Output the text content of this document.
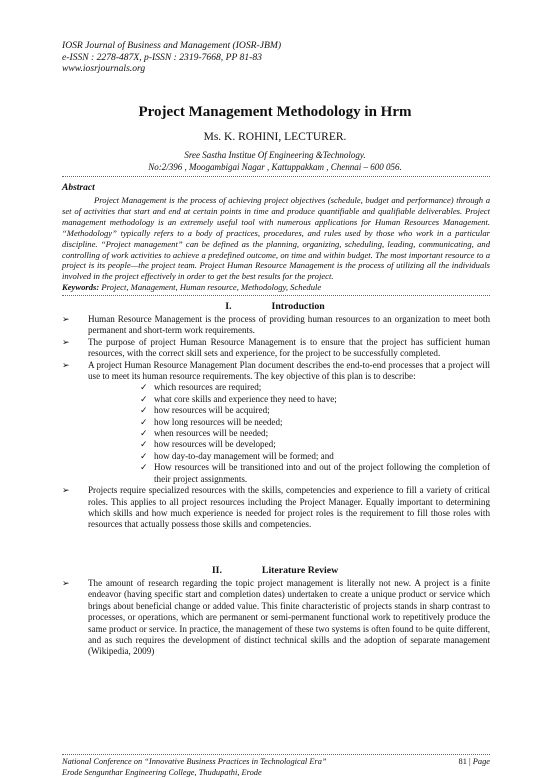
IOSR Journal of Business and Management (IOSR-JBM)
e-ISSN : 2278-487X, p-ISSN : 2319-7668, PP 81-83
www.iosrjournals.org
Project Management Methodology in Hrm
Ms. K. ROHINI, LECTURER.
Sree Sastha Institue Of Engineering &Technology.
No:2/396 , Moogambigai Nagar , Kattuppakkam , Chennai – 600 056.
Abstract
Project Management is the process of achieving project objectives (schedule, budget and performance) through a set of activities that start and end at certain points in time and produce quantifiable and qualifiable deliverables. Project management methodology is an extremely useful tool with numerous applications for Human Resources Management. “Methodology” typically refers to a body of practices, procedures, and rules used by those who work in a particular discipline. “Project management” can be defined as the planning, organizing, scheduling, leading, communicating, and controlling of work activities to achieve a predefined outcome, on time and within budget. The most important resource to a project is its people—the project team. Project Human Resource Management is the process of utilizing all the individuals involved in the project effectively in order to get the best results for the project.
Keywords: Project, Management, Human resource, Methodology, Schedule
I.	Introduction
➢ Human Resource Management is the process of providing human resources to an organization to meet both permanent and short-term work requirements.
➢ The purpose of project Human Resource Management is to ensure that the project has sufficient human resources, with the correct skill sets and experience, for the project to be successfully completed.
➢ A project Human Resource Management Plan document describes the end-to-end processes that a project will use to meet its human resource requirements. The key objective of this plan is to describe:
✓ which resources are required;
✓ what core skills and experience they need to have;
✓ how resources will be acquired;
✓ how long resources will be needed;
✓ when resources will be needed;
✓ how resources will be developed;
✓ how day-to-day management will be formed; and
✓ How resources will be transitioned into and out of the project following the completion of their project assignments.
➢ Projects require specialized resources with the skills, competencies and experience to fill a variety of critical roles. This applies to all project resources including the Project Manager. Equally important to determining which skills and how much experience is needed for project roles is the requirement to fill those roles with resources that actually possess those skills and competencies.
II.	Literature Review
➢ The amount of research regarding the topic project management is literally not new. A project is a finite endeavor (having specific start and completion dates) undertaken to create a unique product or service which brings about beneficial change or added value. This finite characteristic of projects stands in sharp contrast to processes, or operations, which are permanent or semi-permanent functional work to repetitively produce the same product or service. In practice, the management of these two systems is often found to be quite different, and as such requires the development of distinct technical skills and the adoption of separate management (Wikipedia, 2009)
National Conference on “Innovative Business Practices in Technological Era”
Erode Sengunthar Engineering College, Thudupathi, Erode
81 | Page
